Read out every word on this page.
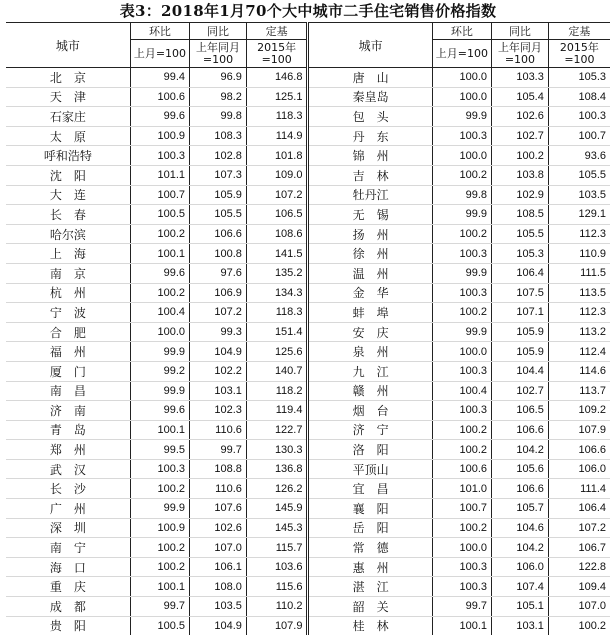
表3：2018年1月70个大中城市二手住宅销售价格指数
城市	环比	同比	定基	城市	环比	同比	定基
	上月=100	上年同月=100	2015年=100		上月=100	上年同月=100	2015年=100
北　京	99.4	96.9	146.8	唐　山	100.0	103.3	105.3
天　津	100.6	98.2	125.1	秦皇岛	100.0	105.4	108.4
石家庄	99.6	99.8	118.3	包　头	99.9	102.6	100.3
太　原	100.9	108.3	114.9	丹　东	100.3	102.7	100.7
呼和浩特	100.3	102.8	101.8	锦　州	100.0	100.2	93.6
沈　阳	101.1	107.3	109.0	吉　林	100.2	103.8	105.5
大　连	100.7	105.9	107.2	牡丹江	99.8	102.9	103.5
长　春	100.5	105.5	106.5	无　锡	99.9	108.5	129.1
哈尔滨	100.2	106.6	108.6	扬　州	100.2	105.5	112.3
上　海	100.1	100.8	141.5	徐　州	100.3	105.3	110.9
南　京	99.6	97.6	135.2	温　州	99.9	106.4	111.5
杭　州	100.2	106.9	134.3	金　华	100.3	107.5	113.5
宁　波	100.4	107.2	118.3	蚌　埠	100.2	107.1	112.3
合　肥	100.0	99.3	151.4	安　庆	99.9	105.9	113.2
福　州	99.9	104.9	125.6	泉　州	100.0	105.9	112.4
厦　门	99.2	102.2	140.7	九　江	100.3	104.4	114.6
南　昌	99.9	103.1	118.2	赣　州	100.4	102.7	113.7
济　南	99.6	102.3	119.4	烟　台	100.3	106.5	109.2
青　岛	100.1	110.6	122.7	济　宁	100.2	106.6	107.9
郑　州	99.5	99.7	130.3	洛　阳	100.2	104.2	106.6
武　汉	100.3	108.8	136.8	平顶山	100.6	105.6	106.0
长　沙	100.2	110.6	126.2	宜　昌	101.0	106.6	111.4
广　州	99.9	107.6	145.9	襄　阳	100.7	105.7	106.4
深　圳	100.9	102.6	145.3	岳　阳	100.2	104.6	107.2
南　宁	100.2	107.0	115.7	常　德	100.0	104.2	106.7
海　口	100.2	106.1	103.6	惠　州	100.3	106.0	122.8
重　庆	100.1	108.0	115.6	湛　江	100.3	107.4	109.4
成　都	99.7	103.5	110.2	韶　关	99.7	105.1	107.0
贵　阳	100.5	104.9	107.9	桂　林	100.1	103.1	100.2
